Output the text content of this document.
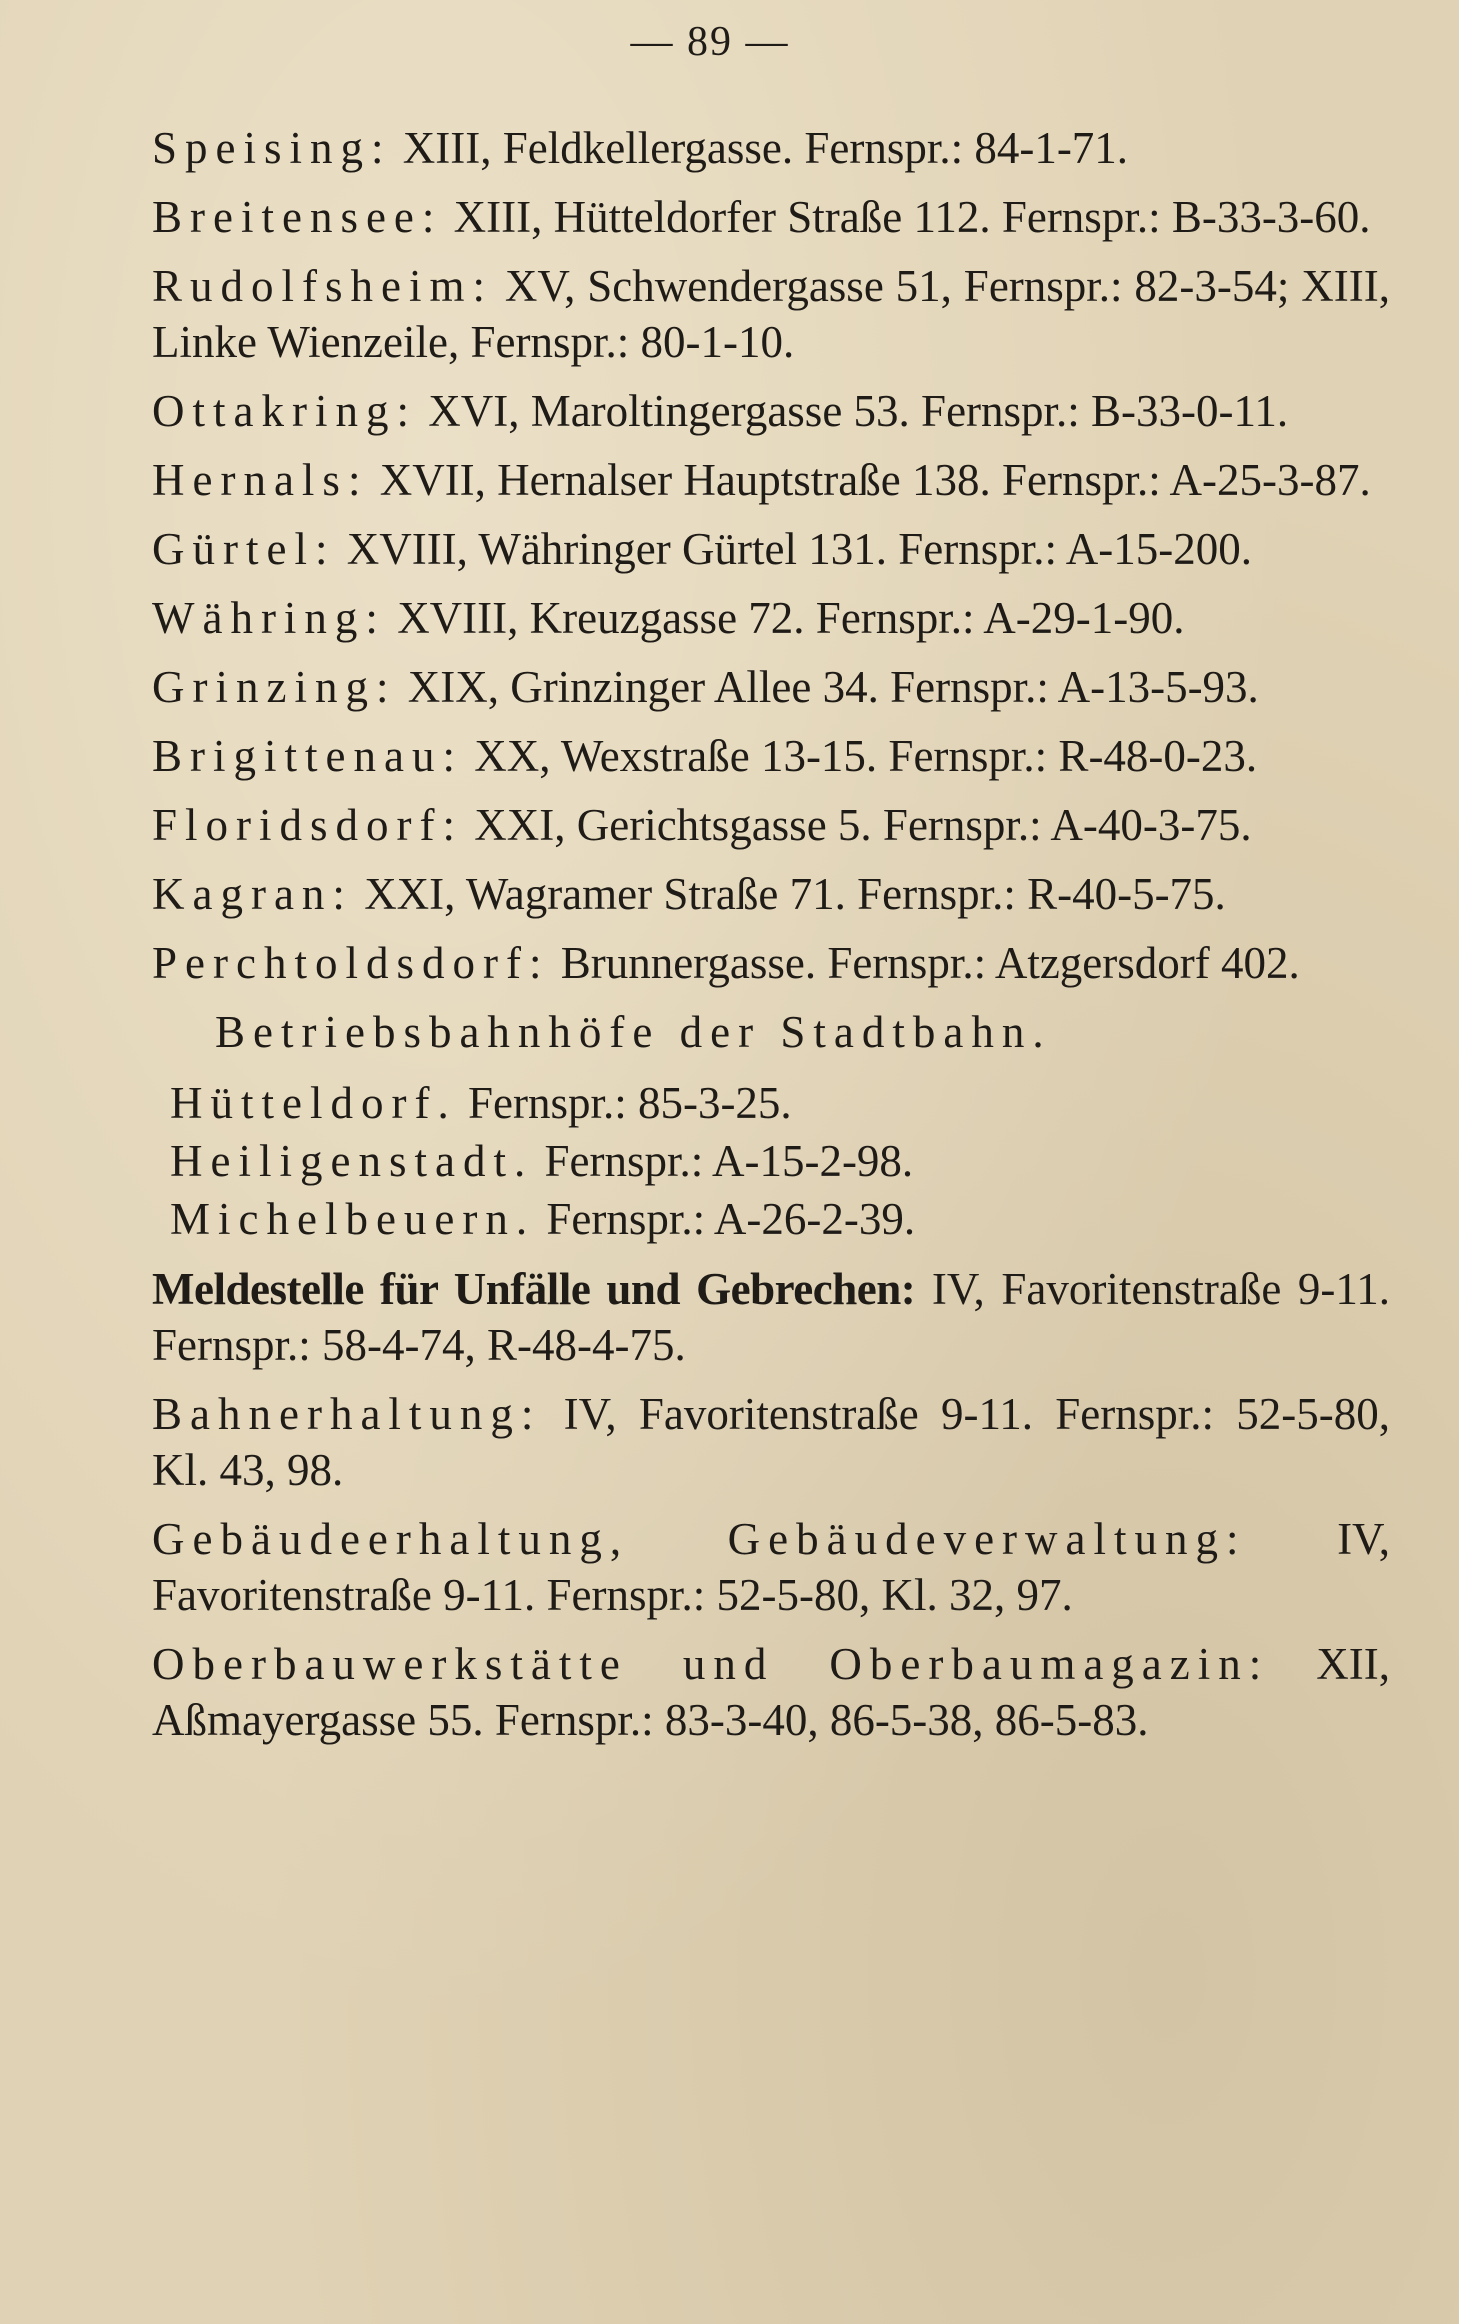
— 89 —
Speising: XIII, Feldkellergasse. Fernspr.: 84-1-71.
Breitensee: XIII, Hütteldorfer Straße 112. Fernspr.: B-33-3-60.
Rudolfsheim: XV, Schwendergasse 51, Fernspr.: 82-3-54; XIII, Linke Wienzeile, Fernspr.: 80-1-10.
Ottakring: XVI, Maroltingergasse 53. Fernspr.: B-33-0-11.
Hernals: XVII, Hernalser Hauptstraße 138. Fernspr.: A-25-3-87.
Gürtel: XVIII, Währinger Gürtel 131. Fernspr.: A-15-200.
Währing: XVIII, Kreuzgasse 72. Fernspr.: A-29-1-90.
Grinzing: XIX, Grinzinger Allee 34. Fernspr.: A-13-5-93.
Brigittenau: XX, Wexstraße 13-15. Fernspr.: R-48-0-23.
Floridsdorf: XXI, Gerichtsgasse 5. Fernspr.: A-40-3-75.
Kagran: XXI, Wagramer Straße 71. Fernspr.: R-40-5-75.
Perchtoldsdorf: Brunnergasse. Fernspr.: Atzgersdorf 402.
Betriebsbahnhöfe der Stadtbahn.
Hütteldorf. Fernspr.: 85-3-25.
Heiligenstadt. Fernspr.: A-15-2-98.
Michelbeuern. Fernspr.: A-26-2-39.
Meldestelle für Unfälle und Gebrechen: IV, Favoritenstraße 9-11. Fernspr.: 58-4-74, R-48-4-75.
Bahnerhaltung: IV, Favoritenstraße 9-11. Fernspr.: 52-5-80, Kl. 43, 98.
Gebäudeerhaltung, Gebäudeverwaltung: IV, Favoritenstraße 9-11. Fernspr.: 52-5-80, Kl. 32, 97.
Oberbauwerkstätte und Oberbaumagazin: XII, Aßmayergasse 55. Fernspr.: 83-3-40, 86-5-38, 86-5-83.
